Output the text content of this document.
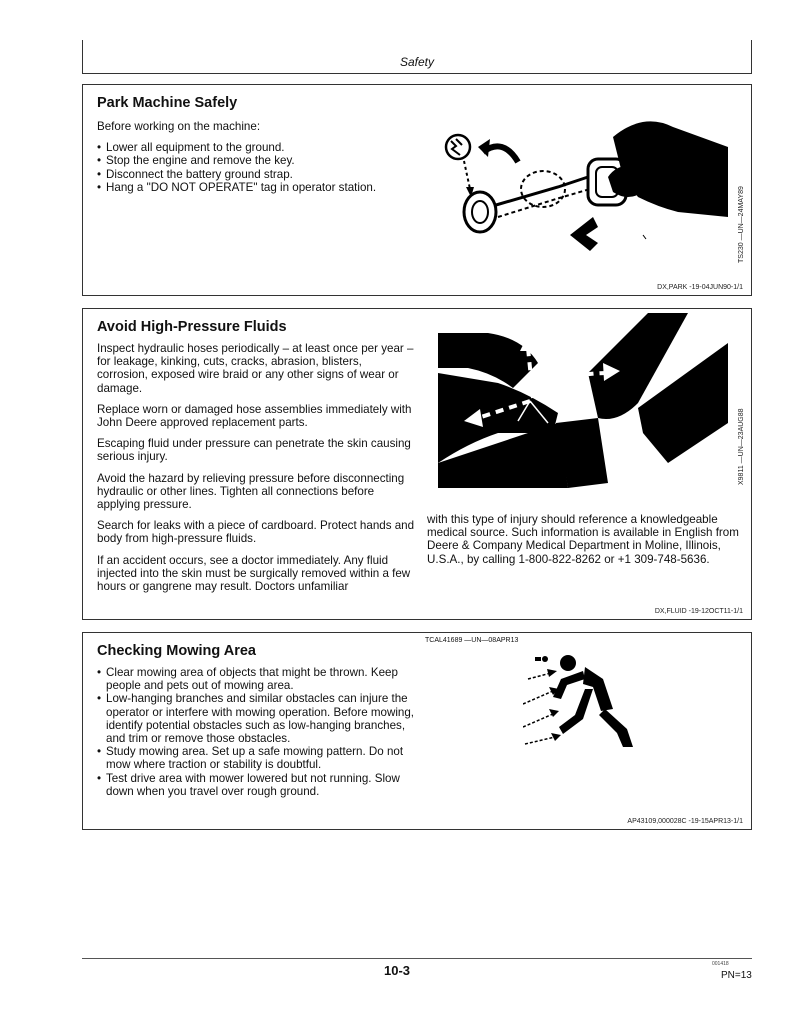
Safety
Park Machine Safely

Before working on the machine:

• Lower all equipment to the ground.
• Stop the engine and remove the key.
• Disconnect the battery ground strap.
• Hang a "DO NOT OPERATE" tag in operator station.	TS230 —UN—24MAY89
DX,PARK -19-04JUN90-1/1
Avoid High-Pressure Fluids

Inspect hydraulic hoses periodically – at least once per year – for leakage, kinking, cuts, cracks, abrasion, blisters, corrosion, exposed wire braid or any other signs of wear or damage.

Replace worn or damaged hose assemblies immediately with John Deere approved replacement parts.

Escaping fluid under pressure can penetrate the skin causing serious injury.

Avoid the hazard by relieving pressure before disconnecting hydraulic or other lines. Tighten all connections before applying pressure.

Search for leaks with a piece of cardboard. Protect hands and body from high-pressure fluids.

If an accident occurs, see a doctor immediately. Any fluid injected into the skin must be surgically removed within a few hours or gangrene may result. Doctors unfamiliar

X9811 —UN—23AUG88
with this type of injury should reference a knowledgeable medical source. Such information is available in English from Deere & Company Medical Department in Moline, Illinois, U.S.A., by calling 1-800-822-8262 or +1 309-748-5636.
DX,FLUID -19-12OCT11-1/1
Checking Mowing Area
• Clear mowing area of objects that might be thrown. Keep people and pets out of mowing area.
• Low-hanging branches and similar obstacles can injure the operator or interfere with mowing operation. Before mowing, identify potential obstacles such as low-hanging branches, and trim or remove those obstacles.
• Study mowing area. Set up a safe mowing pattern. Do not mow where traction or stability is doubtful.
• Test drive area with mower lowered but not running. Slow down when you travel over rough ground.
TCAL41689 —UN—08APR13
AP43109,000028C -19-15APR13-1/1
10-3	001418
PN=13
